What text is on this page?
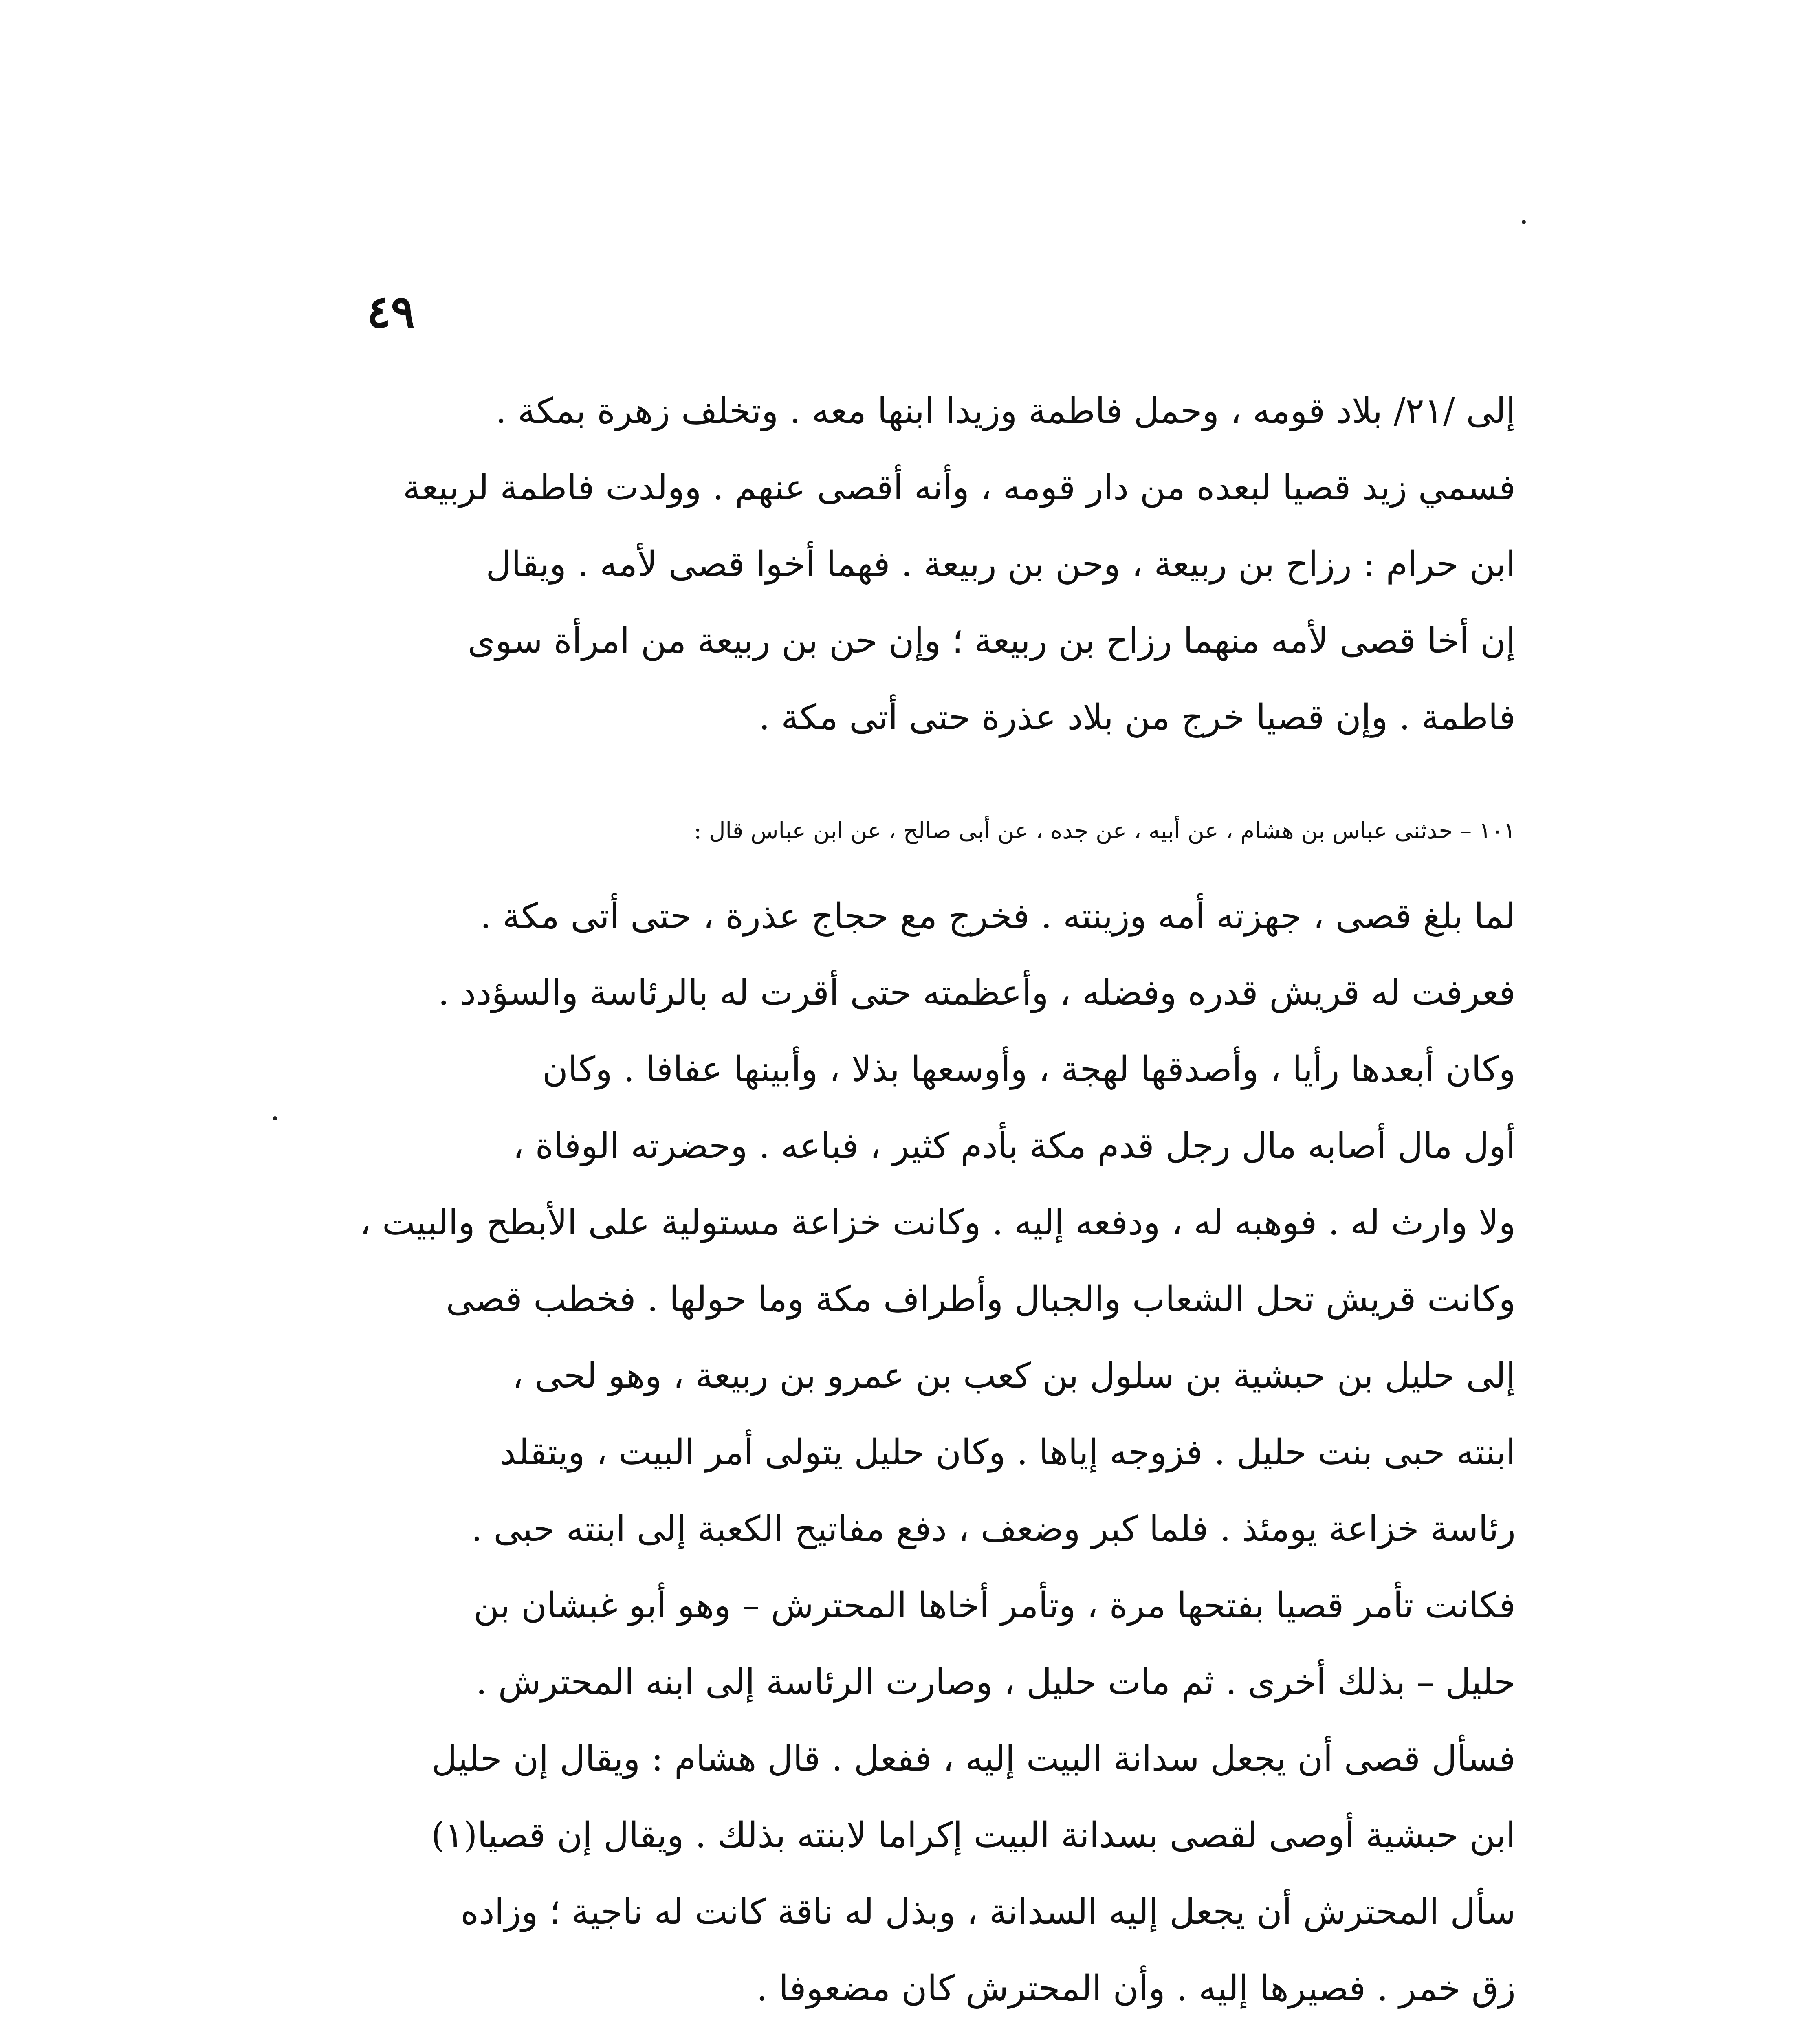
٤٩
إلى /٢١/ بلاد قومه ، وحمل فاطمة وزيدا ابنها معه . وتخلف زهرة بمكة .
فسمي زيد قصيا لبعده من دار قومه ، وأنه أقصى عنهم . وولدت فاطمة لربيعة
ابن حرام : رزاح بن ربيعة ، وحن بن ربيعة . فهما أخوا قصى لأمه . ويقال
إن أخا قصى لأمه منهما رزاح بن ربيعة ؛ وإن حن بن ربيعة من امرأة سوى
فاطمة . وإن قصيا خرج من بلاد عذرة حتى أتى مكة .
١٠١ – حدثنى عباس بن هشام ، عن أبيه ، عن جده ، عن أبى صالح ، عن ابن عباس قال :
لما بلغ قصى ، جهزته أمه وزينته . فخرج مع حجاج عذرة ، حتى أتى مكة .
فعرفت له قريش قدره وفضله ، وأعظمته حتى أقرت له بالرئاسة والسؤدد .
وكان أبعدها رأيا ، وأصدقها لهجة ، وأوسعها بذلا ، وأبينها عفافا . وكان
أول مال أصابه مال رجل قدم مكة بأدم كثير ، فباعه . وحضرته الوفاة ،
ولا وارث له . فوهبه له ، ودفعه إليه . وكانت خزاعة مستولية على الأبطح والبيت ،
وكانت قريش تحل الشعاب والجبال وأطراف مكة وما حولها . فخطب قصى
إلى حليل بن حبشية بن سلول بن كعب بن عمرو بن ربيعة ، وهو لحى ،
ابنته حبى بنت حليل . فزوجه إياها . وكان حليل يتولى أمر البيت ، ويتقلد
رئاسة خزاعة يومئذ . فلما كبر وضعف ، دفع مفاتيح الكعبة إلى ابنته حبى .
فكانت تأمر قصيا بفتحها مرة ، وتأمر أخاها المحترش – وهو أبو غبشان بن
حليل – بذلك أخرى . ثم مات حليل ، وصارت الرئاسة إلى ابنه المحترش .
فسأل قصى أن يجعل سدانة البيت إليه ، ففعل . قال هشام : ويقال إن حليل
ابن حبشية أوصى لقصى بسدانة البيت إكراما لابنته بذلك . ويقال إن قصيا(١)
سأل المحترش أن يجعل إليه السدانة ، وبذل له ناقة كانت له ناجية ؛ وزاده
زق خمر . فصيرها إليه . وأن المحترش كان مضعوفا .
